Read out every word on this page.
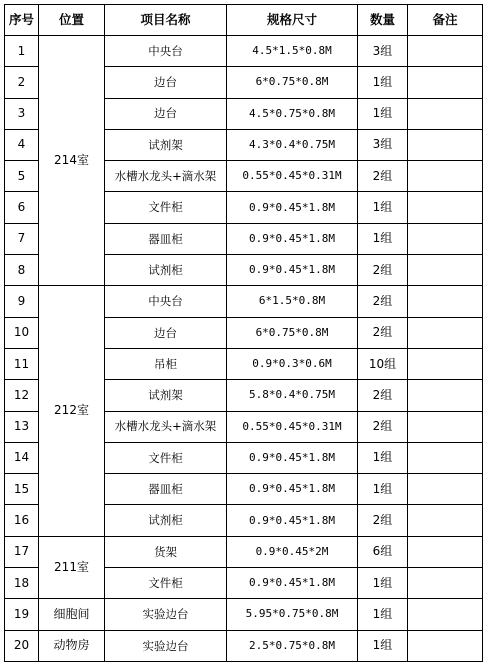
序号	位置	项目名称	规格尺寸	数量	备注
1	214室	中央台	4.5*1.5*0.8M	3组	
2		边台	6*0.75*0.8M	1组	
3		边台	4.5*0.75*0.8M	1组	
4		试剂架	4.3*0.4*0.75M	3组	
5		水槽水龙头+滴水架	0.55*0.45*0.31M	2组	
6		文件柜	0.9*0.45*1.8M	1组	
7		器皿柜	0.9*0.45*1.8M	1组	
8		试剂柜	0.9*0.45*1.8M	2组	
9	212室	中央台	6*1.5*0.8M	2组	
10		边台	6*0.75*0.8M	2组	
11		吊柜	0.9*0.3*0.6M	10组	
12		试剂架	5.8*0.4*0.75M	2组	
13		水槽水龙头+滴水架	0.55*0.45*0.31M	2组	
14		文件柜	0.9*0.45*1.8M	1组	
15		器皿柜	0.9*0.45*1.8M	1组	
16		试剂柜	0.9*0.45*1.8M	2组	
17	211室	货架	0.9*0.45*2M	6组	
18		文件柜	0.9*0.45*1.8M	1组	
19	细胞间	实验边台	5.95*0.75*0.8M	1组	
20	动物房	实验边台	2.5*0.75*0.8M	1组	
